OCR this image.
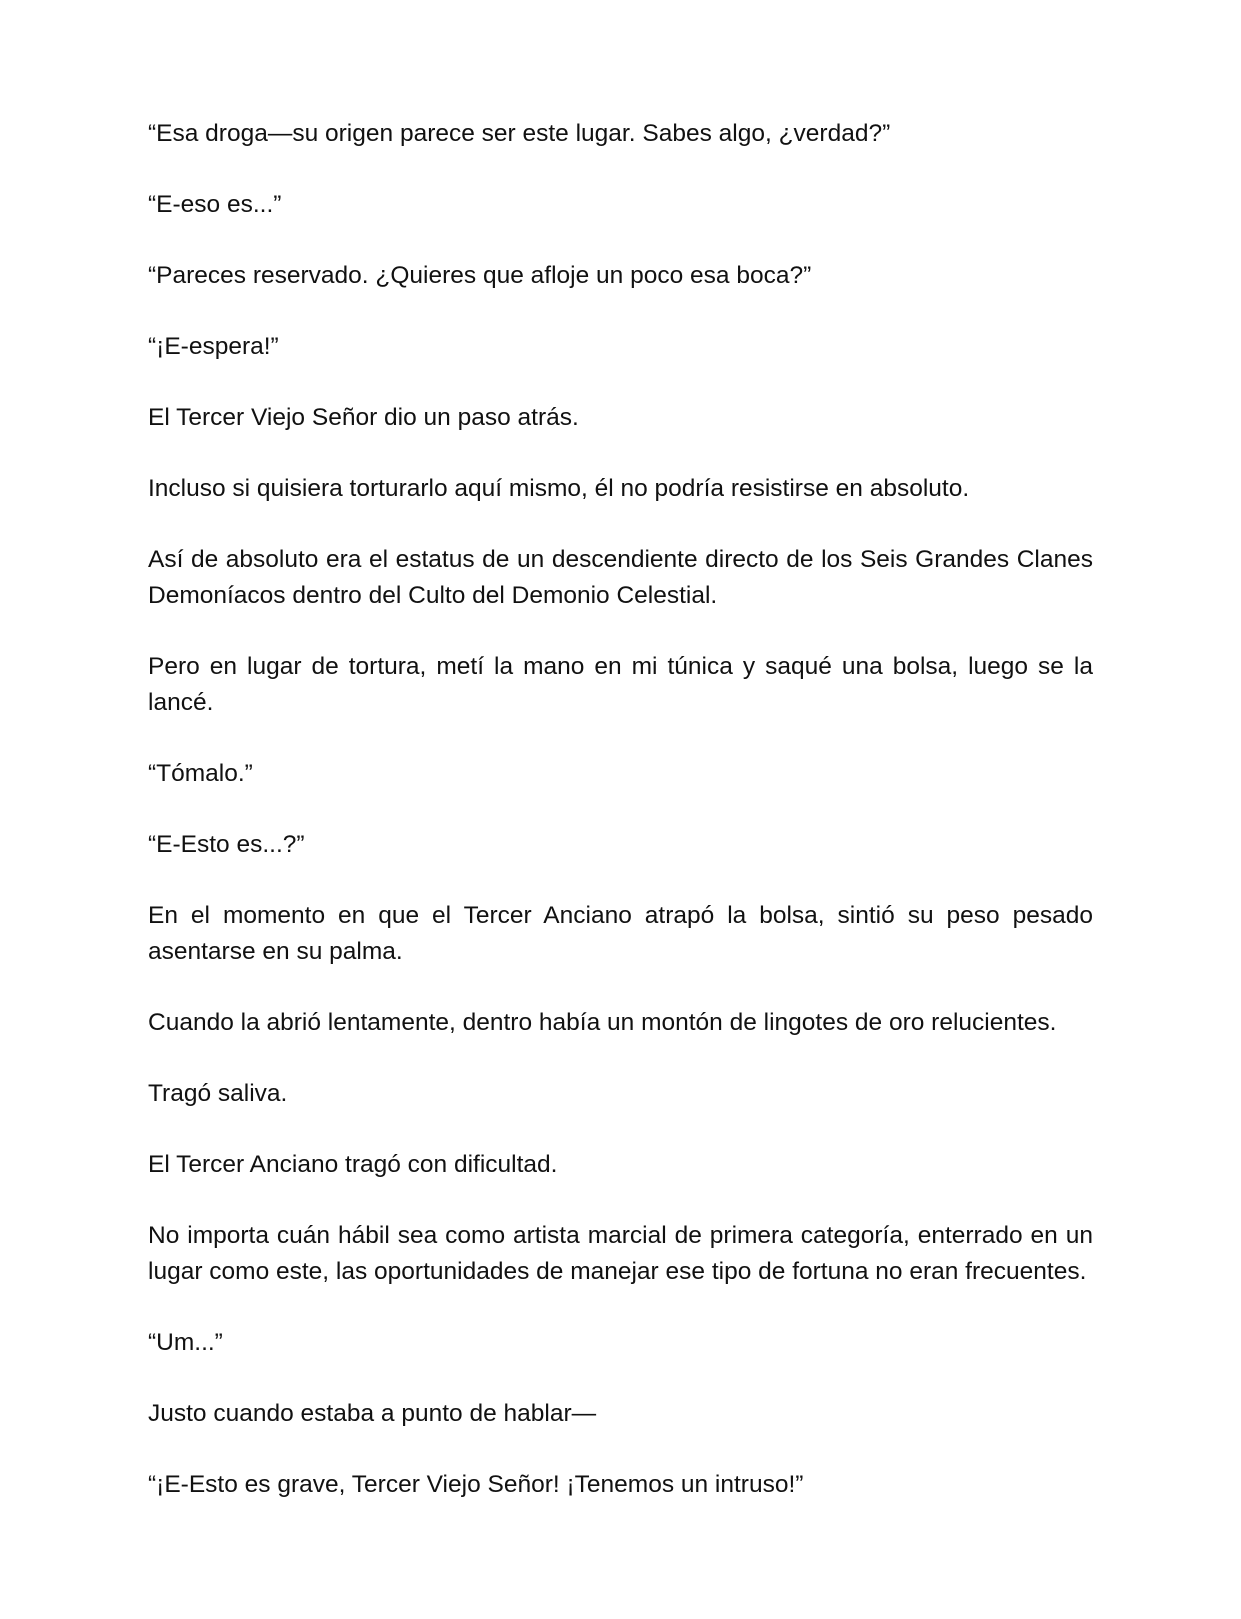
“Esa droga—su origen parece ser este lugar. Sabes algo, ¿verdad?”

“E-eso es...”

“Pareces reservado. ¿Quieres que afloje un poco esa boca?”

“¡E-espera!”

El Tercer Viejo Señor dio un paso atrás.

Incluso si quisiera torturarlo aquí mismo, él no podría resistirse en absoluto.

Así de absoluto era el estatus de un descendiente directo de los Seis Grandes Clanes Demoníacos dentro del Culto del Demonio Celestial.

Pero en lugar de tortura, metí la mano en mi túnica y saqué una bolsa, luego se la lancé.

“Tómalo.”

“E-Esto es...?”

En el momento en que el Tercer Anciano atrapó la bolsa, sintió su peso pesado asentarse en su palma.

Cuando la abrió lentamente, dentro había un montón de lingotes de oro relucientes.

Tragó saliva.

El Tercer Anciano tragó con dificultad.

No importa cuán hábil sea como artista marcial de primera categoría, enterrado en un lugar como este, las oportunidades de manejar ese tipo de fortuna no eran frecuentes.

“Um...”

Justo cuando estaba a punto de hablar—

“¡E-Esto es grave, Tercer Viejo Señor! ¡Tenemos un intruso!”
